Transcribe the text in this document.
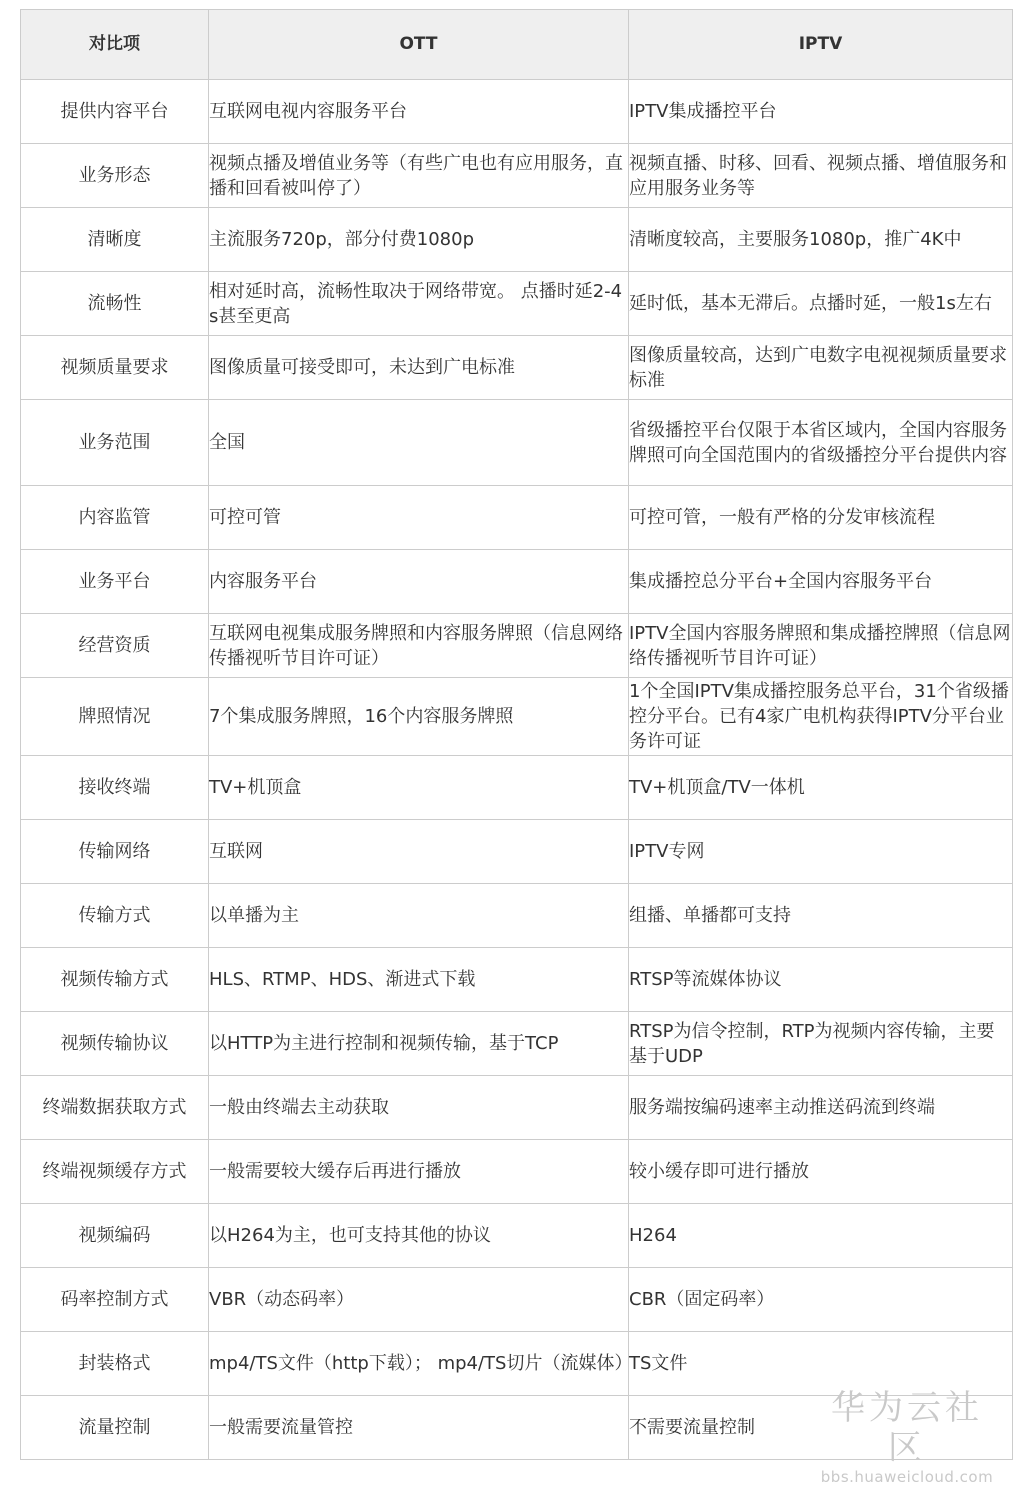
对比项	OTT	IPTV
提供内容平台	互联网电视内容服务平台	IPTV集成播控平台
业务形态	视频点播及增值业务等（有些广电也有应用服务，直播和回看被叫停了）	视频直播、时移、回看、视频点播、增值服务和应用服务业务等
清晰度	主流服务720p，部分付费1080p	清晰度较高，主要服务1080p，推广4K中
流畅性	相对延时高，流畅性取决于网络带宽。 点播时延2-4s甚至更高	延时低，基本无滞后。点播时延，一般1s左右
视频质量要求	图像质量可接受即可，未达到广电标准	图像质量较高，达到广电数字电视视频质量要求标准
业务范围	全国	省级播控平台仅限于本省区域内，全国内容服务牌照可向全国范围内的省级播控分平台提供内容
内容监管	可控可管	可控可管，一般有严格的分发审核流程
业务平台	内容服务平台	集成播控总分平台+全国内容服务平台
经营资质	互联网电视集成服务牌照和内容服务牌照（信息网络传播视听节目许可证）	IPTV全国内容服务牌照和集成播控牌照（信息网络传播视听节目许可证）
牌照情况	7个集成服务牌照，16个内容服务牌照	1个全国IPTV集成播控服务总平台，31个省级播控分平台。已有4家广电机构获得IPTV分平台业务许可证
接收终端	TV+机顶盒	TV+机顶盒/TV一体机
传输网络	互联网	IPTV专网
传输方式	以单播为主	组播、单播都可支持
视频传输方式	HLS、RTMP、HDS、渐进式下载	RTSP等流媒体协议
视频传输协议	以HTTP为主进行控制和视频传输，基于TCP	RTSP为信令控制，RTP为视频内容传输，主要基于UDP
终端数据获取方式	一般由终端去主动获取	服务端按编码速率主动推送码流到终端
终端视频缓存方式	一般需要较大缓存后再进行播放	较小缓存即可进行播放
视频编码	以H264为主，也可支持其他的协议	H264
码率控制方式	VBR（动态码率）	CBR（固定码率）
封装格式	mp4/TS文件（http下载）； mp4/TS切片（流媒体）	TS文件
流量控制	一般需要流量管控	不需要流量控制	华为云社区
bbs.huaweicloud.com
